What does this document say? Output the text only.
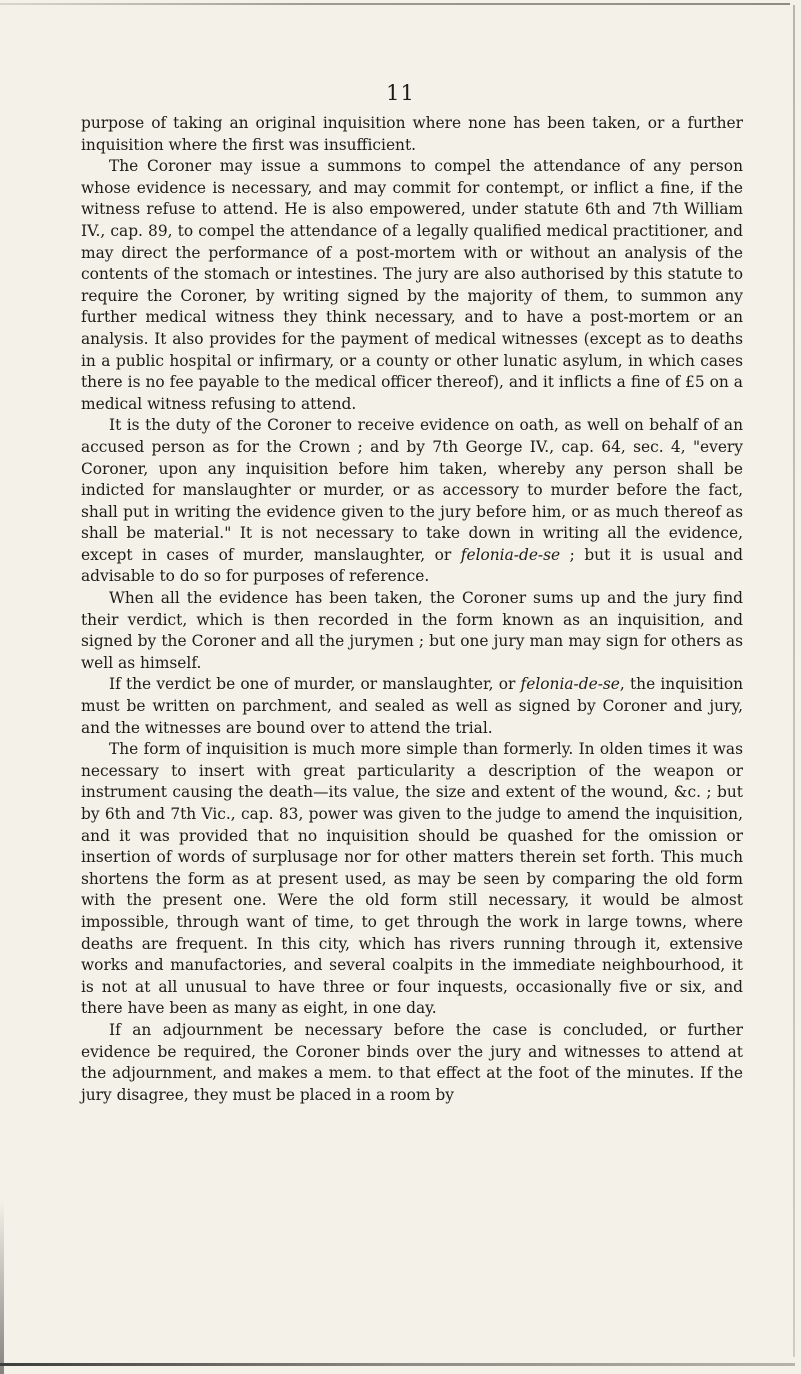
11

purpose of taking an original inquisition where none has been taken, or a further inquisition where the first was insufficient.

The Coroner may issue a summons to compel the attendance of any person whose evidence is necessary, and may commit for contempt, or inflict a fine, if the witness refuse to attend. He is also empowered, under statute 6th and 7th William IV., cap. 89, to compel the attendance of a legally qualified medical practitioner, and may direct the performance of a post-mortem with or without an analysis of the contents of the stomach or intestines. The jury are also authorised by this statute to require the Coroner, by writing signed by the majority of them, to summon any further medical witness they think necessary, and to have a post-mortem or an analysis. It also provides for the payment of medical witnesses (except as to deaths in a public hospital or infirmary, or a county or other lunatic asylum, in which cases there is no fee payable to the medical officer thereof), and it inflicts a fine of £5 on a medical witness refusing to attend.

It is the duty of the Coroner to receive evidence on oath, as well on behalf of an accused person as for the Crown ; and by 7th George IV., cap. 64, sec. 4, "every Coroner, upon any inquisition before him taken, whereby any person shall be indicted for manslaughter or murder, or as accessory to murder before the fact, shall put in writing the evidence given to the jury before him, or as much thereof as shall be material." It is not necessary to take down in writing all the evidence, except in cases of murder, manslaughter, or felonia-de-se ; but it is usual and advisable to do so for purposes of reference.

When all the evidence has been taken, the Coroner sums up and the jury find their verdict, which is then recorded in the form known as an inquisition, and signed by the Coroner and all the jurymen ; but one jury man may sign for others as well as himself.

If the verdict be one of murder, or manslaughter, or felonia-de-se, the inquisition must be written on parchment, and sealed as well as signed by Coroner and jury, and the witnesses are bound over to attend the trial.

The form of inquisition is much more simple than formerly. In olden times it was necessary to insert with great particularity a description of the weapon or instrument causing the death—its value, the size and extent of the wound, &c. ; but by 6th and 7th Vic., cap. 83, power was given to the judge to amend the inquisition, and it was provided that no inquisition should be quashed for the omission or insertion of words of surplusage nor for other matters therein set forth. This much shortens the form as at present used, as may be seen by comparing the old form with the present one. Were the old form still necessary, it would be almost impossible, through want of time, to get through the work in large towns, where deaths are frequent. In this city, which has rivers running through it, extensive works and manufactories, and several coalpits in the immediate neighbourhood, it is not at all unusual to have three or four inquests, occasionally five or six, and there have been as many as eight, in one day.

If an adjournment be necessary before the case is concluded, or further evidence be required, the Coroner binds over the jury and witnesses to attend at the adjournment, and makes a mem. to that effect at the foot of the minutes. If the jury disagree, they must be placed in a room by
